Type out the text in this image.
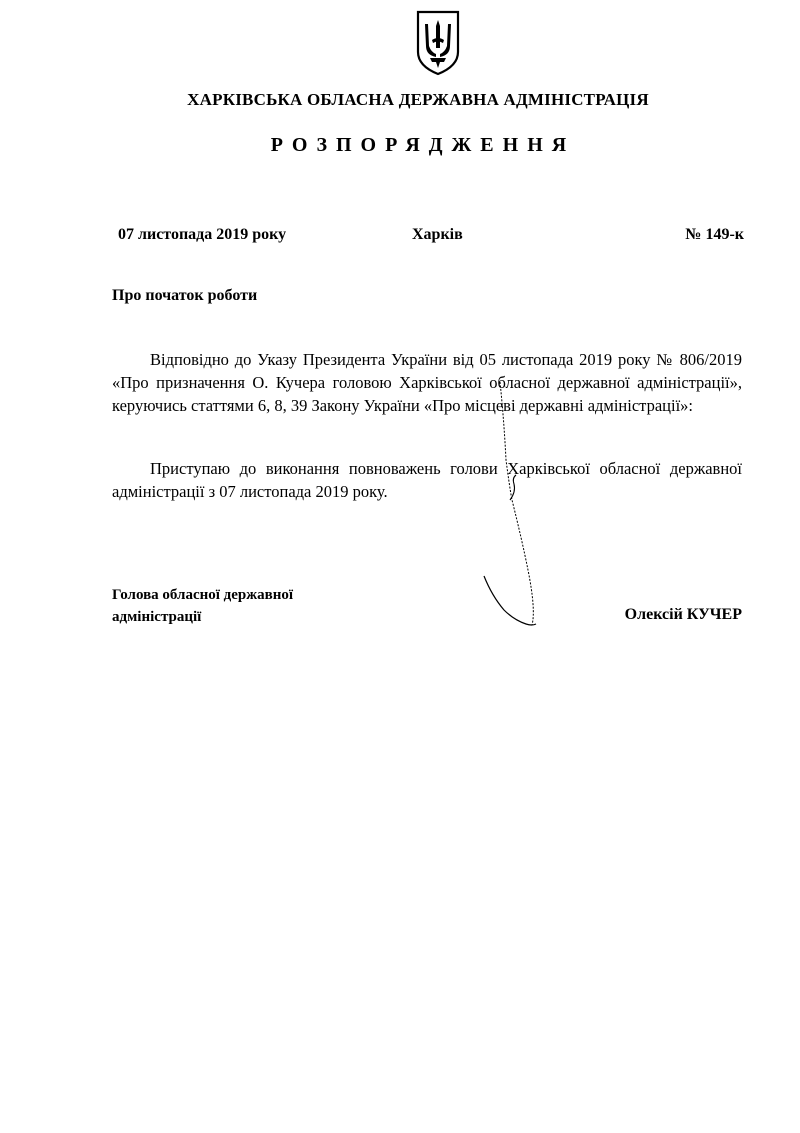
ХАРКІВСЬКА ОБЛАСНА ДЕРЖАВНА АДМІНІСТРАЦІЯ
РОЗПОРЯДЖЕННЯ
07 листопада 2019 року	Харків	№ 149-к
Про початок роботи

Відповідно до Указу Президента України від 05 листопада 2019 року № 806/2019 «Про призначення О. Кучера головою Харківської обласної державної адміністрації», керуючись статтями 6, 8, 39 Закону України «Про місцеві державні адміністрації»:

Приступаю до виконання повноважень голови Харківської обласної державної адміністрації з 07 листопада 2019 року.

Голова обласної державної
адміністрації	Олексій КУЧЕР
